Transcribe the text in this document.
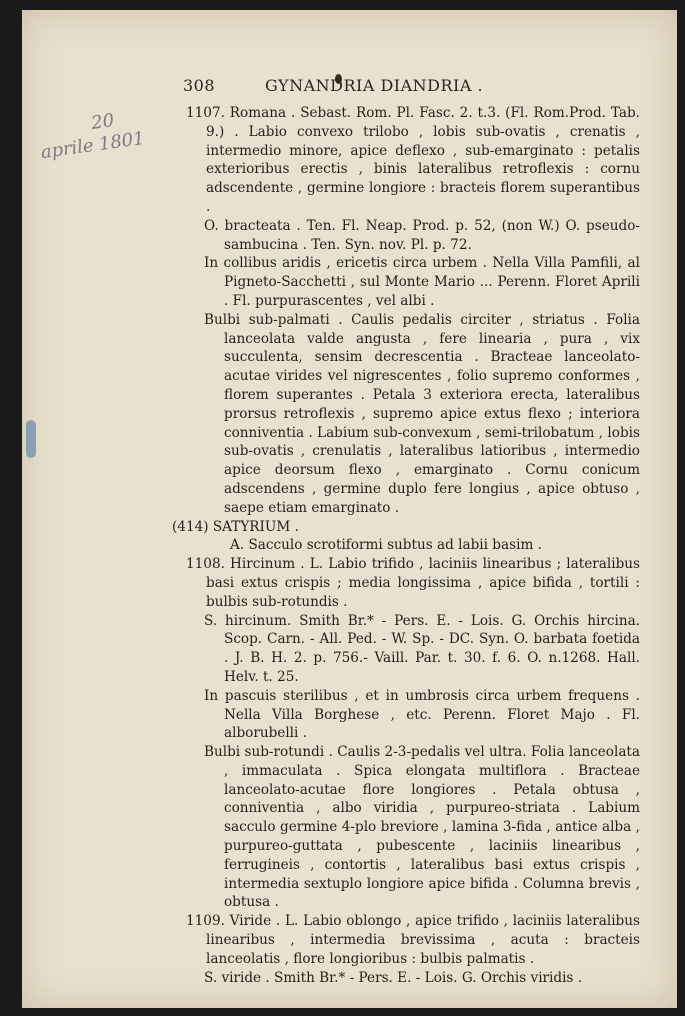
308	GYNANDRIA DIANDRIA .
20
aprile 1801

1107. Romana . Sebast. Rom. Pl. Fasc. 2. t.3. (Fl. Rom.Prod. Tab. 9.) . Labio convexo trilobo , lobis sub-ovatis , crenatis , intermedio minore, apice deflexo , sub-emarginato : petalis exterioribus erectis , binis lateralibus retroflexis : cornu adscendente , germine longiore : bracteis florem superantibus .

O. bracteata . Ten. Fl. Neap. Prod. p. 52, (non W.) O. pseudo-sambucina . Ten. Syn. nov. Pl. p. 72.

In collibus aridis , ericetis circa urbem . Nella Villa Pamfili, al Pigneto-Sacchetti , sul Monte Mario ... Perenn. Floret Aprili . Fl. purpurascentes , vel albi .

Bulbi sub-palmati . Caulis pedalis circiter , striatus . Folia lanceolata valde angusta , fere linearia , pura , vix succulenta, sensim decrescentia . Bracteae lanceolato-acutae virides vel nigrescentes , folio supremo conformes , florem superantes . Petala 3 exteriora erecta, lateralibus prorsus retroflexis , supremo apice extus flexo ; interiora conniventia . Labium sub-convexum , semi-trilobatum , lobis sub-ovatis , crenulatis , lateralibus latioribus , intermedio apice deorsum flexo , emarginato . Cornu conicum adscendens , germine duplo fere longius , apice obtuso , saepe etiam emarginato .

(414) SATYRIUM .

A. Sacculo scrotiformi subtus ad labii basim .

1108. Hircinum . L. Labio trifido , laciniis linearibus ; lateralibus basi extus crispis ; media longissima , apice bifida , tortili : bulbis sub-rotundis .

S. hircinum. Smith Br.* - Pers. E. - Lois. G. Orchis hircina. Scop. Carn. - All. Ped. - W. Sp. - DC. Syn. O. barbata foetida . J. B. H. 2. p. 756.- Vaill. Par. t. 30. f. 6. O. n.1268. Hall. Helv. t. 25.

In pascuis sterilibus , et in umbrosis circa urbem frequens . Nella Villa Borghese , etc. Perenn. Floret Majo . Fl. alborubelli .

Bulbi sub-rotundi . Caulis 2-3-pedalis vel ultra. Folia lanceolata , immaculata . Spica elongata multiflora . Bracteae lanceolato-acutae flore longiores . Petala obtusa , conniventia , albo viridia , purpureo-striata . Labium sacculo germine 4-plo breviore , lamina 3-fida , antice alba , purpureo-guttata , pubescente , laciniis linearibus , ferrugineis , contortis , lateralibus basi extus crispis , intermedia sextuplo longiore apice bifida . Columna brevis , obtusa .

1109. Viride . L. Labio oblongo , apice trifido , laciniis lateralibus linearibus , intermedia brevissima , acuta : bracteis lanceolatis , flore longioribus : bulbis palmatis .

S. viride . Smith Br.* - Pers. E. - Lois. G. Orchis viridis .
